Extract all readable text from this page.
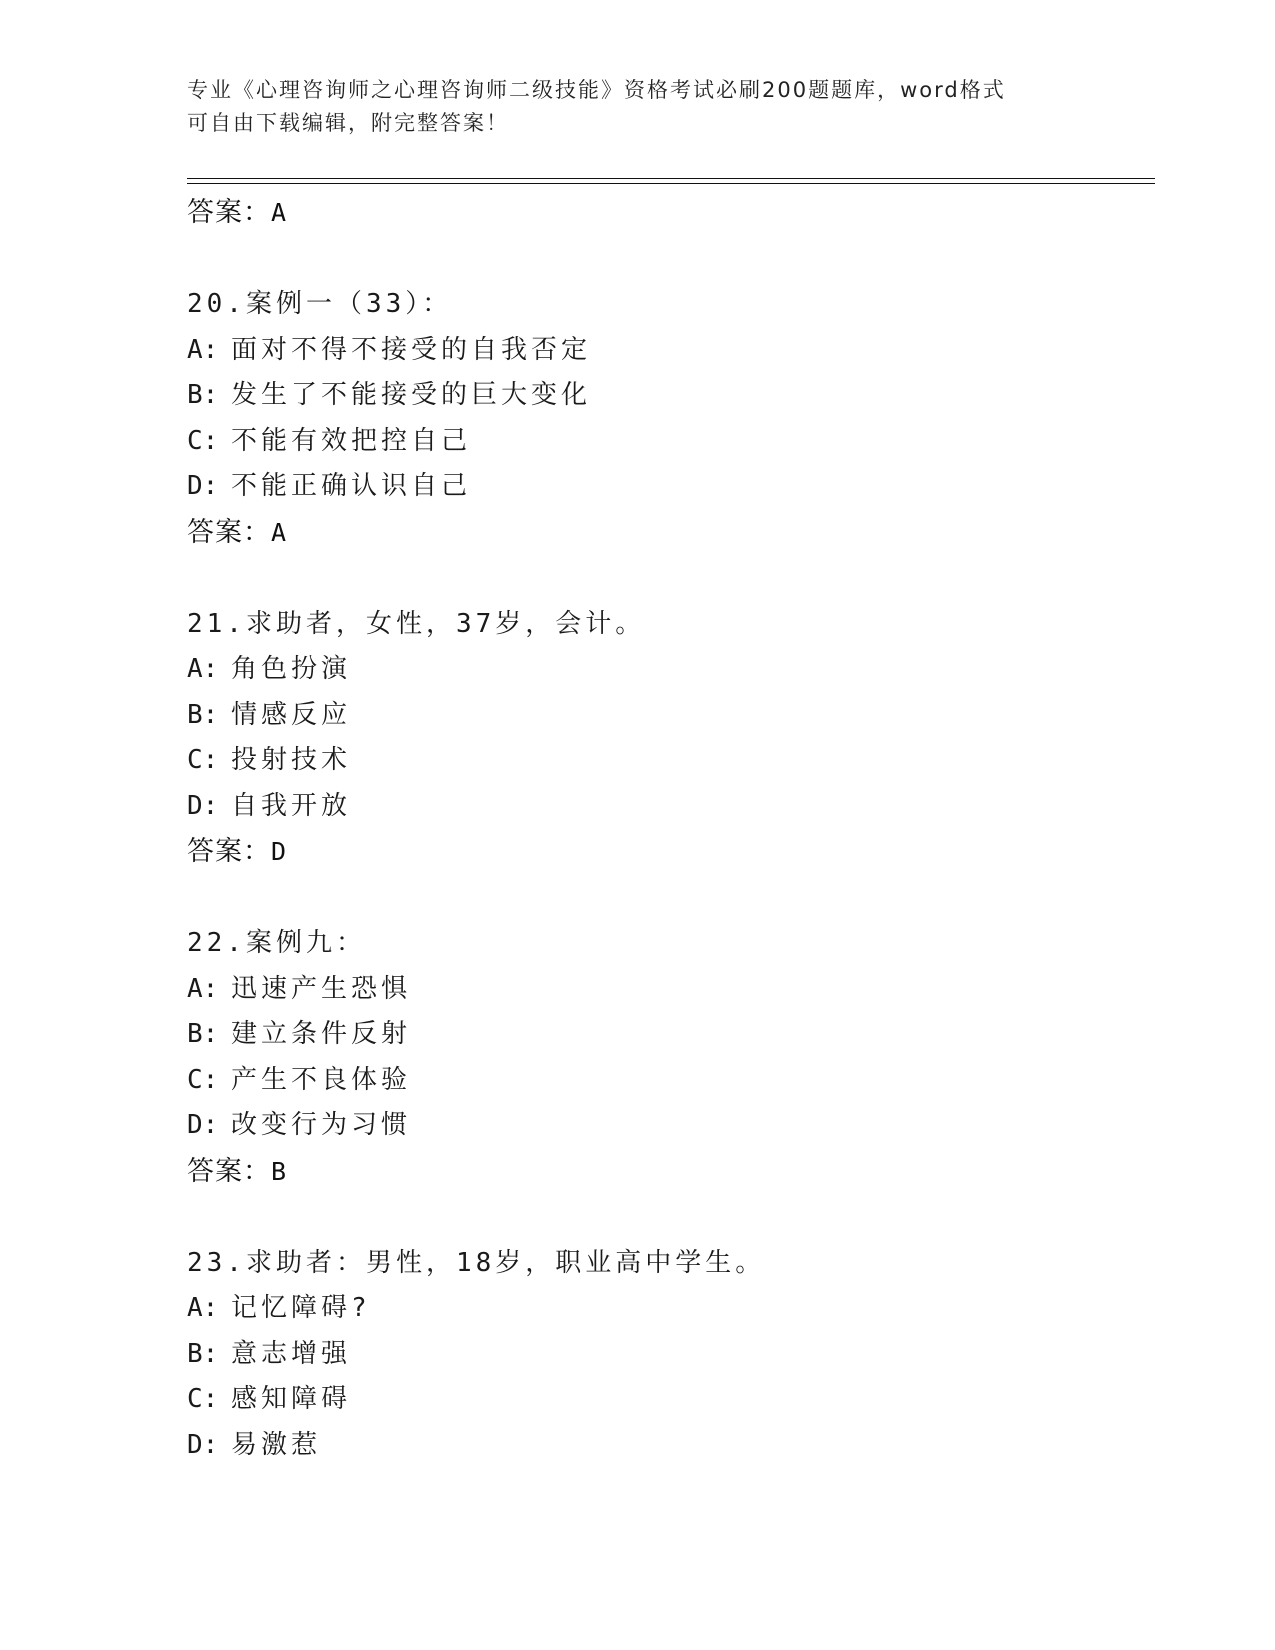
专业《心理咨询师之心理咨询师二级技能》资格考试必刷200题题库，word格式
可自由下载编辑，附完整答案！
答案：A
20.案例一（33）：
A: 面对不得不接受的自我否定
B: 发生了不能接受的巨大变化
C: 不能有效把控自己
D: 不能正确认识自己
答案：A
21.求助者，女性，37岁，会计。
A: 角色扮演
B: 情感反应
C: 投射技术
D: 自我开放
答案：D
22.案例九：
A: 迅速产生恐惧
B: 建立条件反射
C: 产生不良体验
D: 改变行为习惯
答案：B
23.求助者：男性，18岁，职业高中学生。
A: 记忆障碍?
B: 意志增强
C: 感知障碍
D: 易激惹
